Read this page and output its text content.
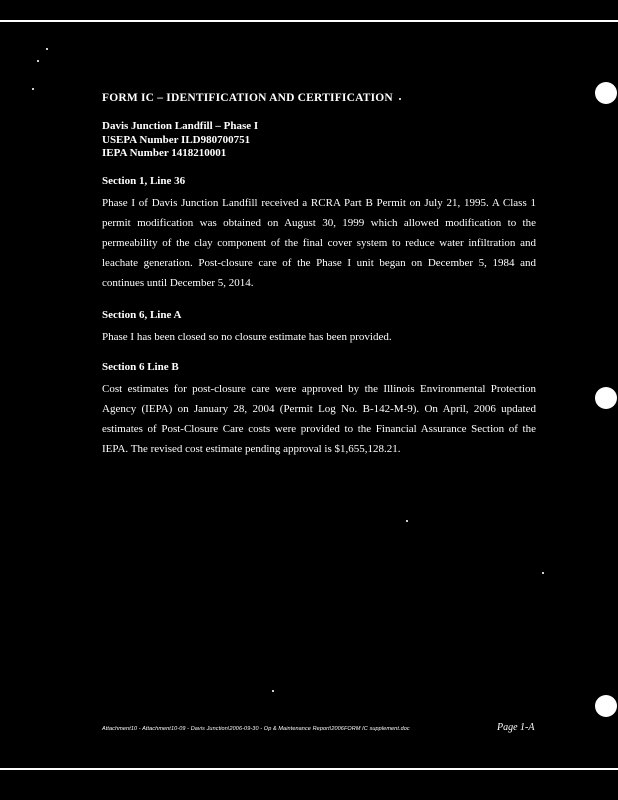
FORM IC – IDENTIFICATION AND CERTIFICATION
Davis Junction Landfill – Phase I
USEPA Number ILD980700751
IEPA Number 1418210001
Section 1, Line 36
Phase I of Davis Junction Landfill received a RCRA Part B Permit on July 21, 1995. A Class 1 permit modification was obtained on August 30, 1999 which allowed modification to the permeability of the clay component of the final cover system to reduce water infiltration and leachate generation. Post-closure care of the Phase I unit began on December 5, 1984 and continues until December 5, 2014.
Section 6, Line A
Phase I has been closed so no closure estimate has been provided.
Section 6 Line B
Cost estimates for post-closure care were approved by the Illinois Environmental Protection Agency (IEPA) on January 28, 2004 (Permit Log No. B-142-M-9). On April, 2006 updated estimates of Post-Closure Care costs were provided to the Financial Assurance Section of the IEPA. The revised cost estimate pending approval is $1,655,128.21.
Attachment10 - Attachment10-09 - Davis Junction\2006-09-30 - Op & Maintenance Report\2006FORM IC supplement.doc	Page 1-A
